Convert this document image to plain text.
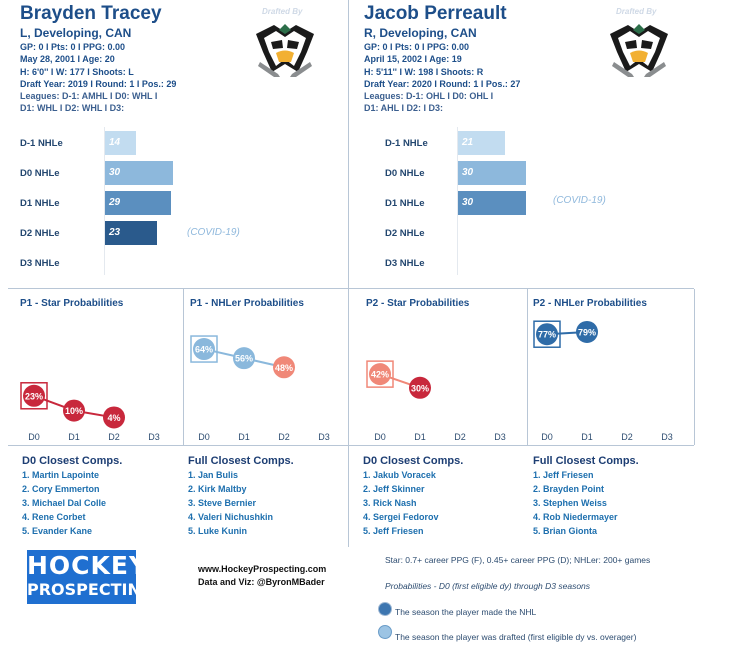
Brayden Tracey
L, Developing, CAN
GP: 0 I Pts: 0 I PPG: 0.00
May 28, 2001 I Age: 20
H: 6'0'' I W: 177 I Shoots: L
Draft Year: 2019 I Round: 1 I Pos.: 29
Leagues: D-1: AMHL I D0: WHL I
D1: WHL I D2: WHL I D3:
Drafted By	Jacob Perreault
R, Developing, CAN
GP: 0 I Pts: 0 I PPG: 0.00
April 15, 2002 I Age: 19
H: 5'11'' I W: 198 I Shoots: R
Draft Year: 2020 I Round: 1 I Pos.: 27
Leagues: D-1: OHL I D0: OHL I
D1: AHL I D2: I D3:
Drafted By
D-1 NHLe	14
D0 NHLe	30
D1 NHLe	29
D2 NHLe	23
D3 NHLe
D-1 NHLe	21
D0 NHLe	30
D1 NHLe	30
D2 NHLe
D3 NHLe
(COVID-19)
(COVID-19)
P1 - Star Probabilities
D0	D1	D2	D3
23%
10%
4%
P1 - NHLer Probabilities
D0	D1	D2	D3
64%
56%
48%
P2 - Star Probabilities
D0	D1	D2	D3
42%
30%
P2 - NHLer Probabilities
D0	D1	D2	D3
77% 79%
D0 Closest Comps.
1. Martin Lapointe
2. Cory Emmerton
3. Michael Dal Colle
4. Rene Corbet
5. Evander Kane
Full Closest Comps.
1. Jan Bulis
2. Kirk Maltby
3. Steve Bernier
4. Valeri Nichushkin
5. Luke Kunin
D0 Closest Comps.
1. Jakub Voracek
2. Jeff Skinner
3. Rick Nash
4. Sergei Fedorov
5. Jeff Friesen
Full Closest Comps.
1. Jeff Friesen
2. Brayden Point
3. Stephen Weiss
4. Rob Niedermayer
5. Brian Gionta
HOCKEY
PROSPECTING
www.HockeyProspecting.com
Data and Viz: @ByronMBader
Star: 0.7+ career PPG (F), 0.45+ career PPG (D); NHLer: 200+ games
Probabilities - D0 (first eligible dy) through D3 seasons
The season the player made the NHL
The season the player was drafted (first eligible dy vs. overager)
